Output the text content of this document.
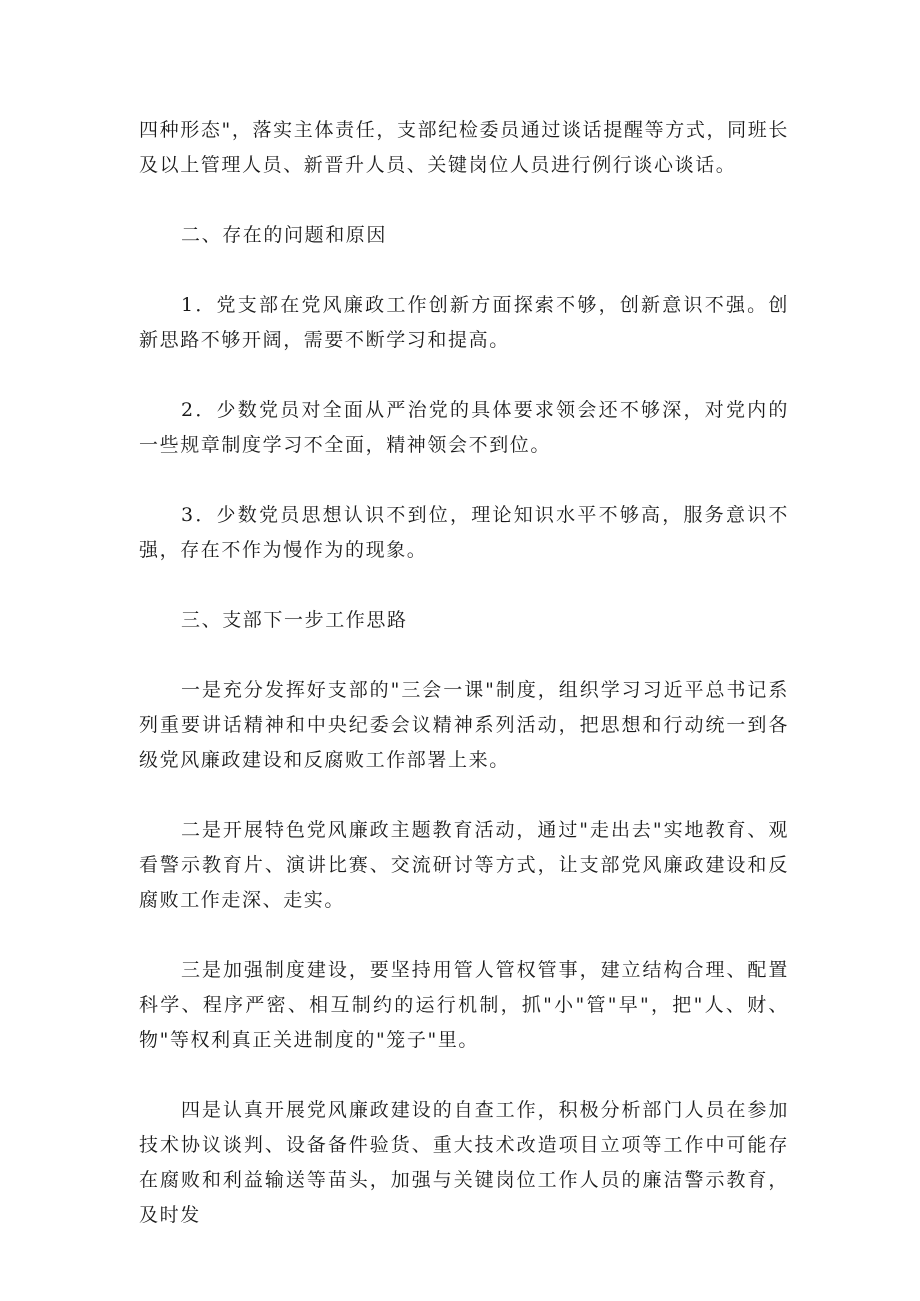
四种形态"，落实主体责任，支部纪检委员通过谈话提醒等方式，同班长及以上管理人员、新晋升人员、关键岗位人员进行例行谈心谈话。

二、存在的问题和原因

1．党支部在党风廉政工作创新方面探索不够，创新意识不强。创新思路不够开阔，需要不断学习和提高。

2．少数党员对全面从严治党的具体要求领会还不够深，对党内的一些规章制度学习不全面，精神领会不到位。

3．少数党员思想认识不到位，理论知识水平不够高，服务意识不强，存在不作为慢作为的现象。

三、支部下一步工作思路

一是充分发挥好支部的"三会一课"制度，组织学习习近平总书记系列重要讲话精神和中央纪委会议精神系列活动，把思想和行动统一到各级党风廉政建设和反腐败工作部署上来。

二是开展特色党风廉政主题教育活动，通过"走出去"实地教育、观看警示教育片、演讲比赛、交流研讨等方式，让支部党风廉政建设和反腐败工作走深、走实。

三是加强制度建设，要坚持用管人管权管事，建立结构合理、配置科学、程序严密、相互制约的运行机制，抓"小"管"早"，把"人、财、物"等权利真正关进制度的"笼子"里。

四是认真开展党风廉政建设的自查工作，积极分析部门人员在参加技术协议谈判、设备备件验货、重大技术改造项目立项等工作中可能存在腐败和利益输送等苗头，加强与关键岗位工作人员的廉洁警示教育，及时发
